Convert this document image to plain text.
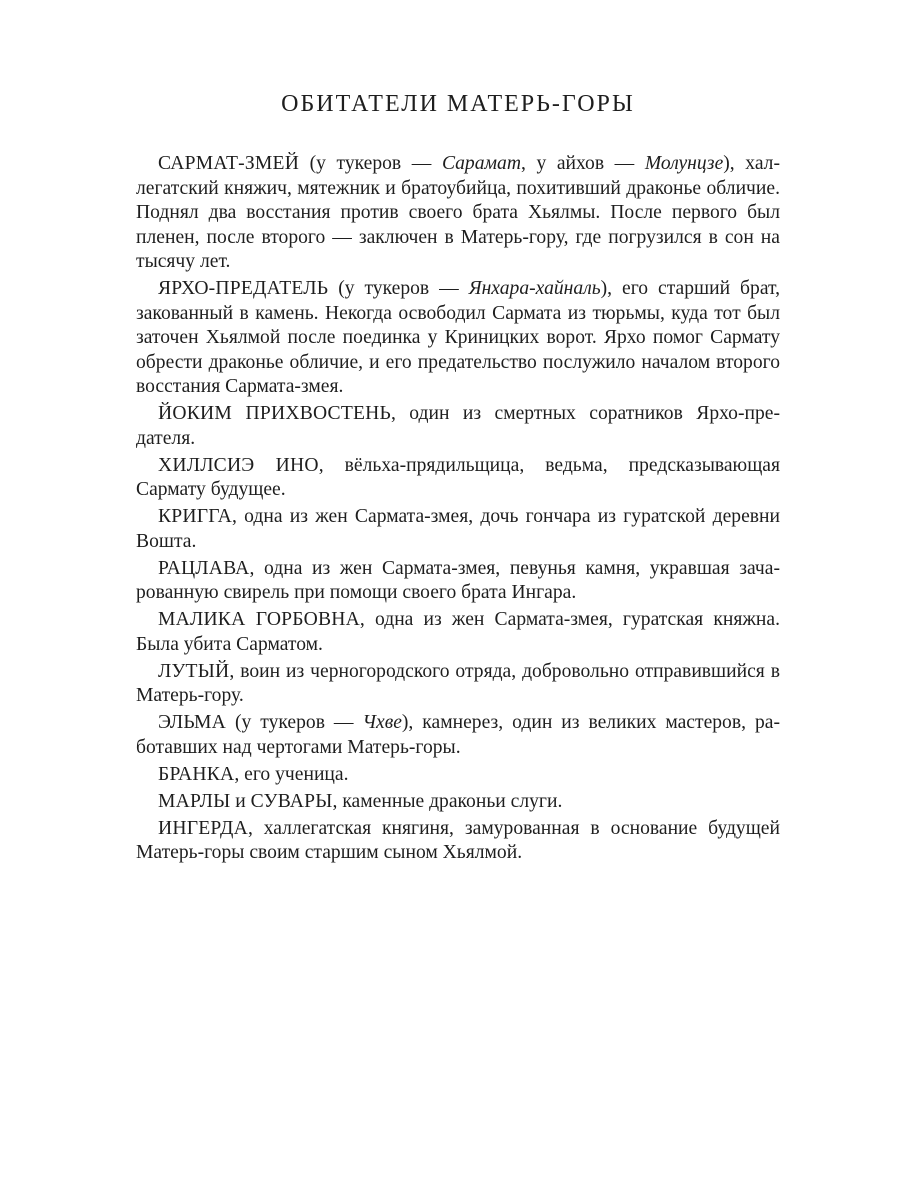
ОБИТАТЕЛИ МАТЕРЬ-ГОРЫ

САРМАТ-ЗМЕЙ (у тукеров — Сарамат, у айхов — Молунцзе), халлегатский княжич, мятежник и братоубийца, похитивший драконье обличие. Поднял два восстания против своего брата Хьялмы. После первого был пленен, после второго — заключен в Матерь-гору, где погрузился в сон на тысячу лет.

ЯРХО-ПРЕДАТЕЛЬ (у тукеров — Янхара-хайналь), его старший брат, закованный в камень. Некогда освободил Сармата из тюрьмы, куда тот был заточен Хьялмой после поединка у Криницких ворот. Ярхо помог Сармату обрести драконье обличие, и его предательство послужило началом второго восстания Сармата-змея.

ЙОКИМ ПРИХВОСТЕНЬ, один из смертных соратников Ярхо-предателя.

ХИЛЛСИЭ ИНО, вёльха-прядильщица, ведьма, предсказывающая Сармату будущее.

КРИГГА, одна из жен Сармата-змея, дочь гончара из гуратской деревни Вошта.

РАЦЛАВА, одна из жен Сармата-змея, певунья камня, укравшая зачарованную свирель при помощи своего брата Ингара.

МАЛИКА ГОРБОВНА, одна из жен Сармата-змея, гуратская княжна. Была убита Сарматом.

ЛУТЫЙ, воин из черногородского отряда, добровольно отправившийся в Матерь-гору.

ЭЛЬМА (у тукеров — Чхве), камнерез, один из великих мастеров, работавших над чертогами Матерь-горы.

БРАНКА, его ученица.

МАРЛЫ и СУВАРЫ, каменные драконьи слуги.

ИНГЕРДА, халлегатская княгиня, замурованная в основание будущей Матерь-горы своим старшим сыном Хьялмой.
